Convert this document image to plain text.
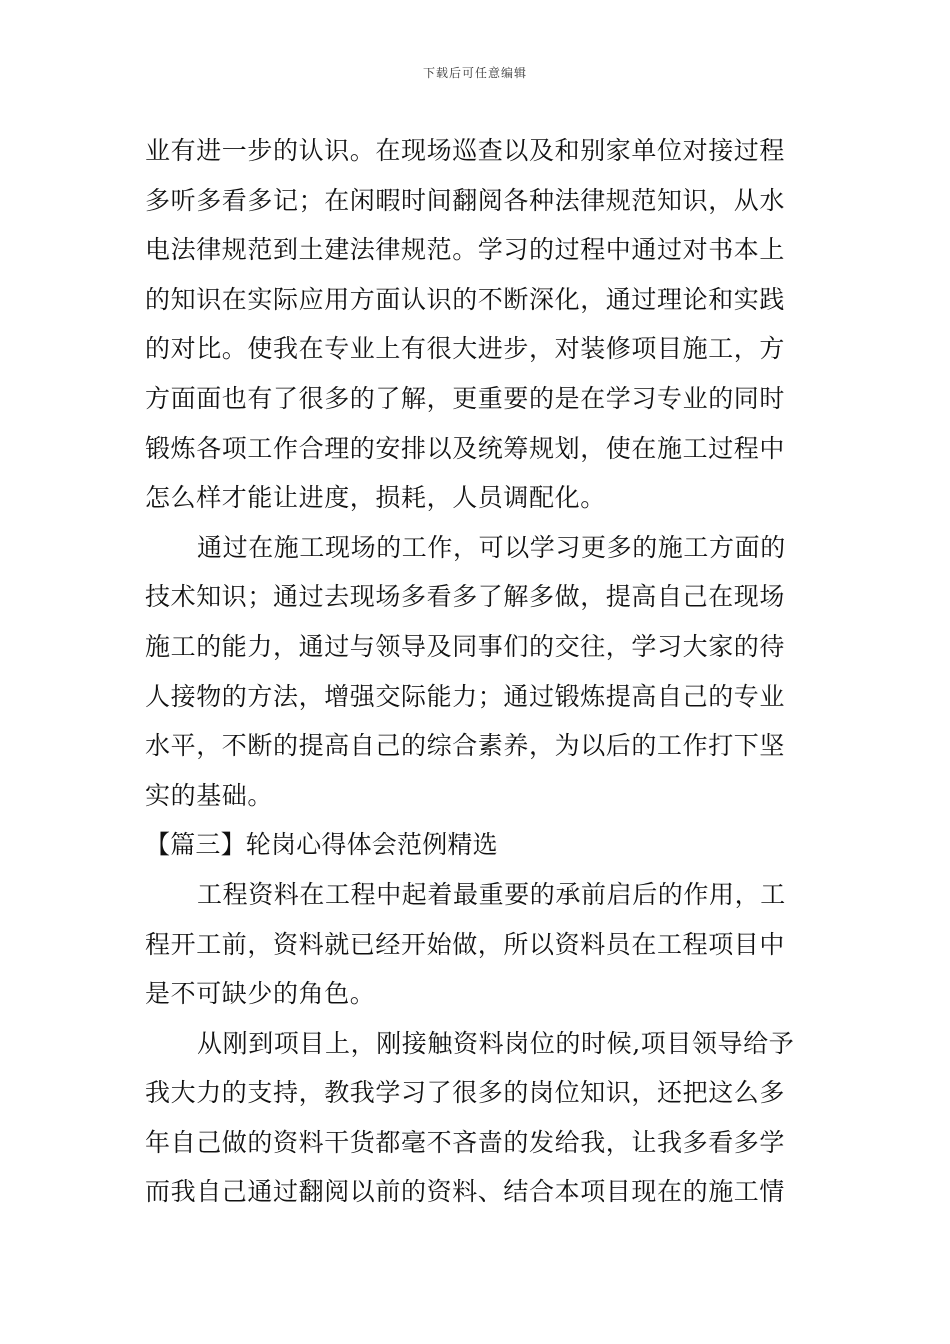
下载后可任意编辑
业有进一步的认识。在现场巡查以及和别家单位对接过程
多听多看多记；在闲暇时间翻阅各种法律规范知识，从水
电法律规范到土建法律规范。学习的过程中通过对书本上
的知识在实际应用方面认识的不断深化，通过理论和实践
的对比。使我在专业上有很大进步，对装修项目施工，方
方面面也有了很多的了解，更重要的是在学习专业的同时
锻炼各项工作合理的安排以及统筹规划，使在施工过程中
怎么样才能让进度，损耗，人员调配化。
通过在施工现场的工作，可以学习更多的施工方面的
技术知识；通过去现场多看多了解多做，提高自己在现场
施工的能力，通过与领导及同事们的交往，学习大家的待
人接物的方法，增强交际能力；通过锻炼提高自己的专业
水平，不断的提高自己的综合素养，为以后的工作打下坚
实的基础。
【篇三】轮岗心得体会范例精选
工程资料在工程中起着最重要的承前启后的作用，工
程开工前，资料就已经开始做，所以资料员在工程项目中
是不可缺少的角色。
从刚到项目上，刚接触资料岗位的时候,项目领导给予
我大力的支持，教我学习了很多的岗位知识，还把这么多
年自己做的资料干货都毫不吝啬的发给我，让我多看多学
而我自己通过翻阅以前的资料、结合本项目现在的施工情
